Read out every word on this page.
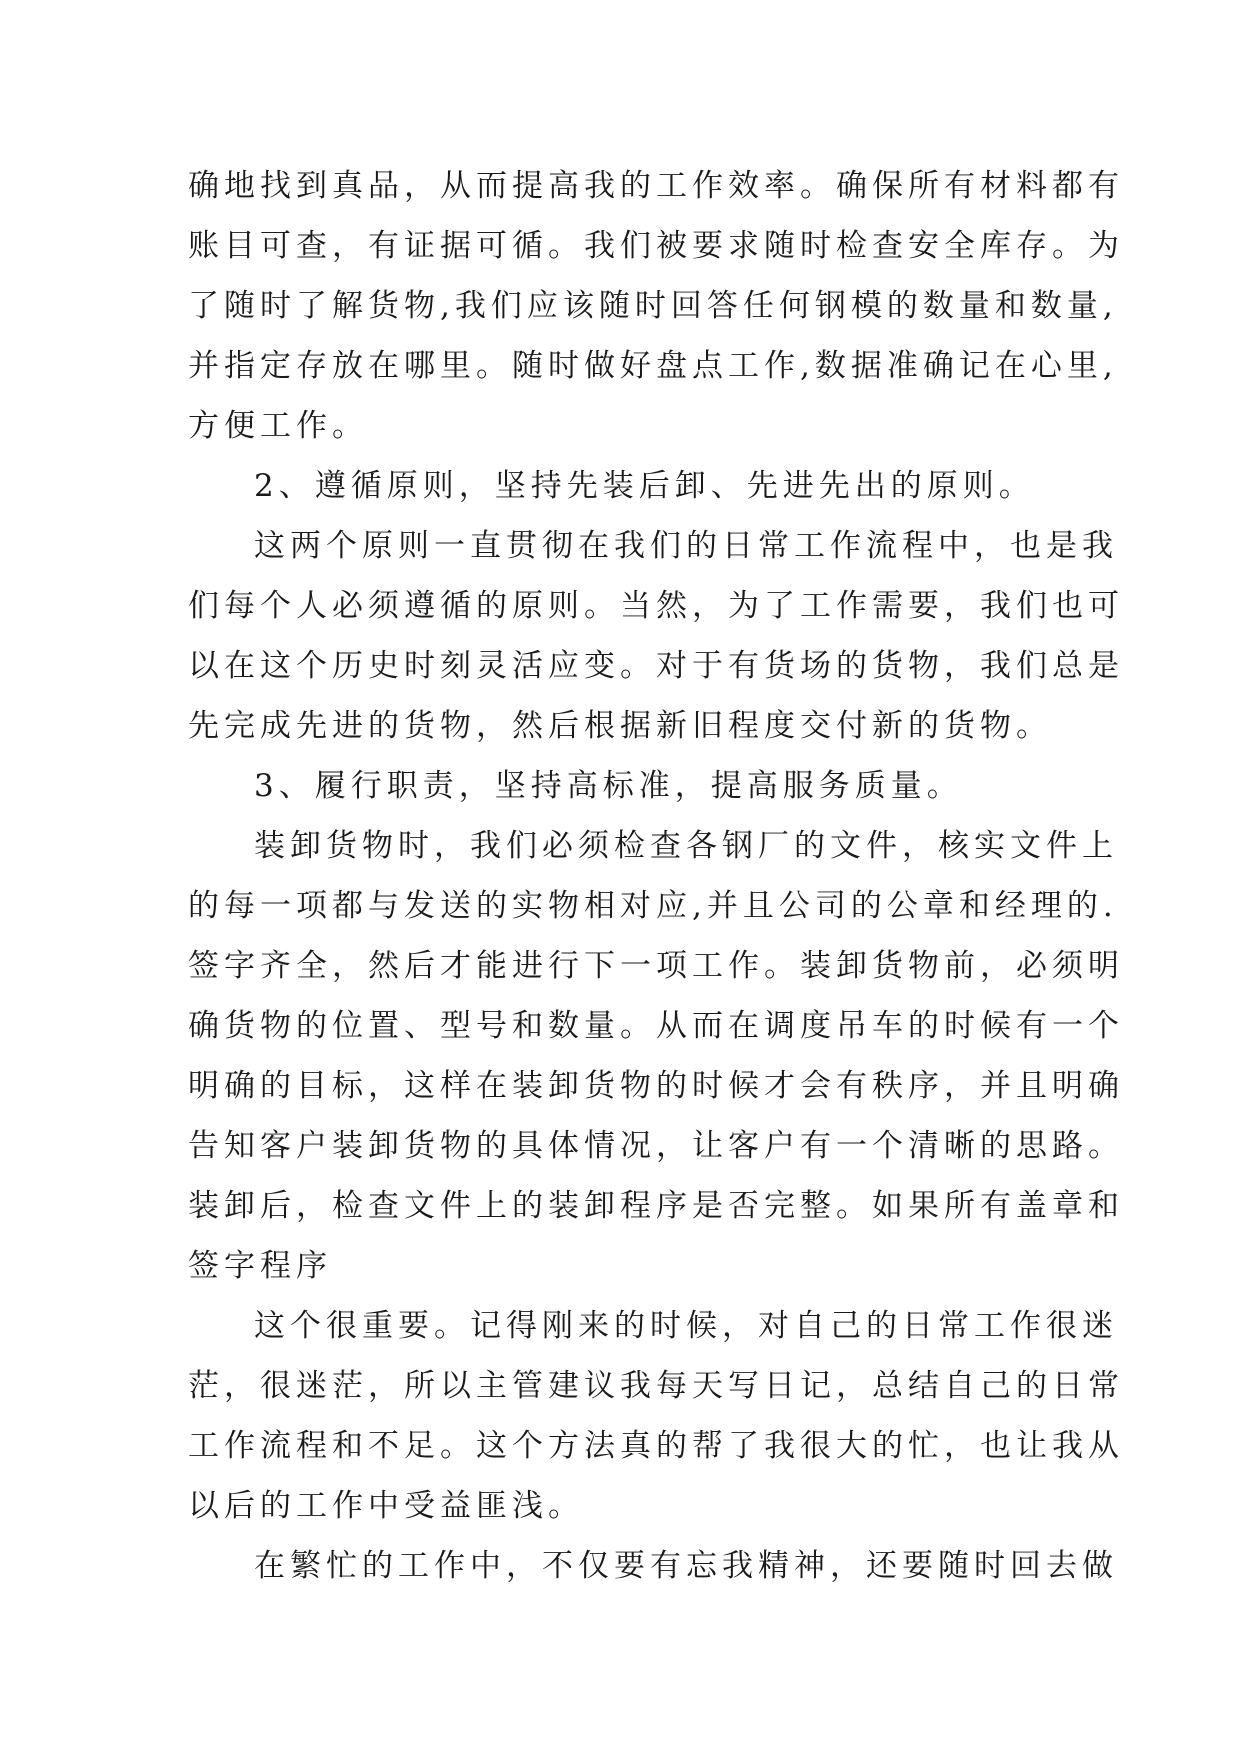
确地找到真品，从而提高我的工作效率。确保所有材料都有
账目可查，有证据可循。我们被要求随时检查安全库存。为
了随时了解货物,我们应该随时回答任何钢模的数量和数量,
并指定存放在哪里。随时做好盘点工作,数据准确记在心里,
方便工作。
2、遵循原则，坚持先装后卸、先进先出的原则。
这两个原则一直贯彻在我们的日常工作流程中，也是我
们每个人必须遵循的原则。当然，为了工作需要，我们也可
以在这个历史时刻灵活应变。对于有货场的货物，我们总是
先完成先进的货物，然后根据新旧程度交付新的货物。
3、履行职责，坚持高标准，提高服务质量。
装卸货物时，我们必须检查各钢厂的文件，核实文件上
的每一项都与发送的实物相对应,并且公司的公章和经理的.
签字齐全，然后才能进行下一项工作。装卸货物前，必须明
确货物的位置、型号和数量。从而在调度吊车的时候有一个
明确的目标，这样在装卸货物的时候才会有秩序，并且明确
告知客户装卸货物的具体情况，让客户有一个清晰的思路。
装卸后，检查文件上的装卸程序是否完整。如果所有盖章和
签字程序
这个很重要。记得刚来的时候，对自己的日常工作很迷
茫，很迷茫，所以主管建议我每天写日记，总结自己的日常
工作流程和不足。这个方法真的帮了我很大的忙，也让我从
以后的工作中受益匪浅。
在繁忙的工作中，不仅要有忘我精神，还要随时回去做
